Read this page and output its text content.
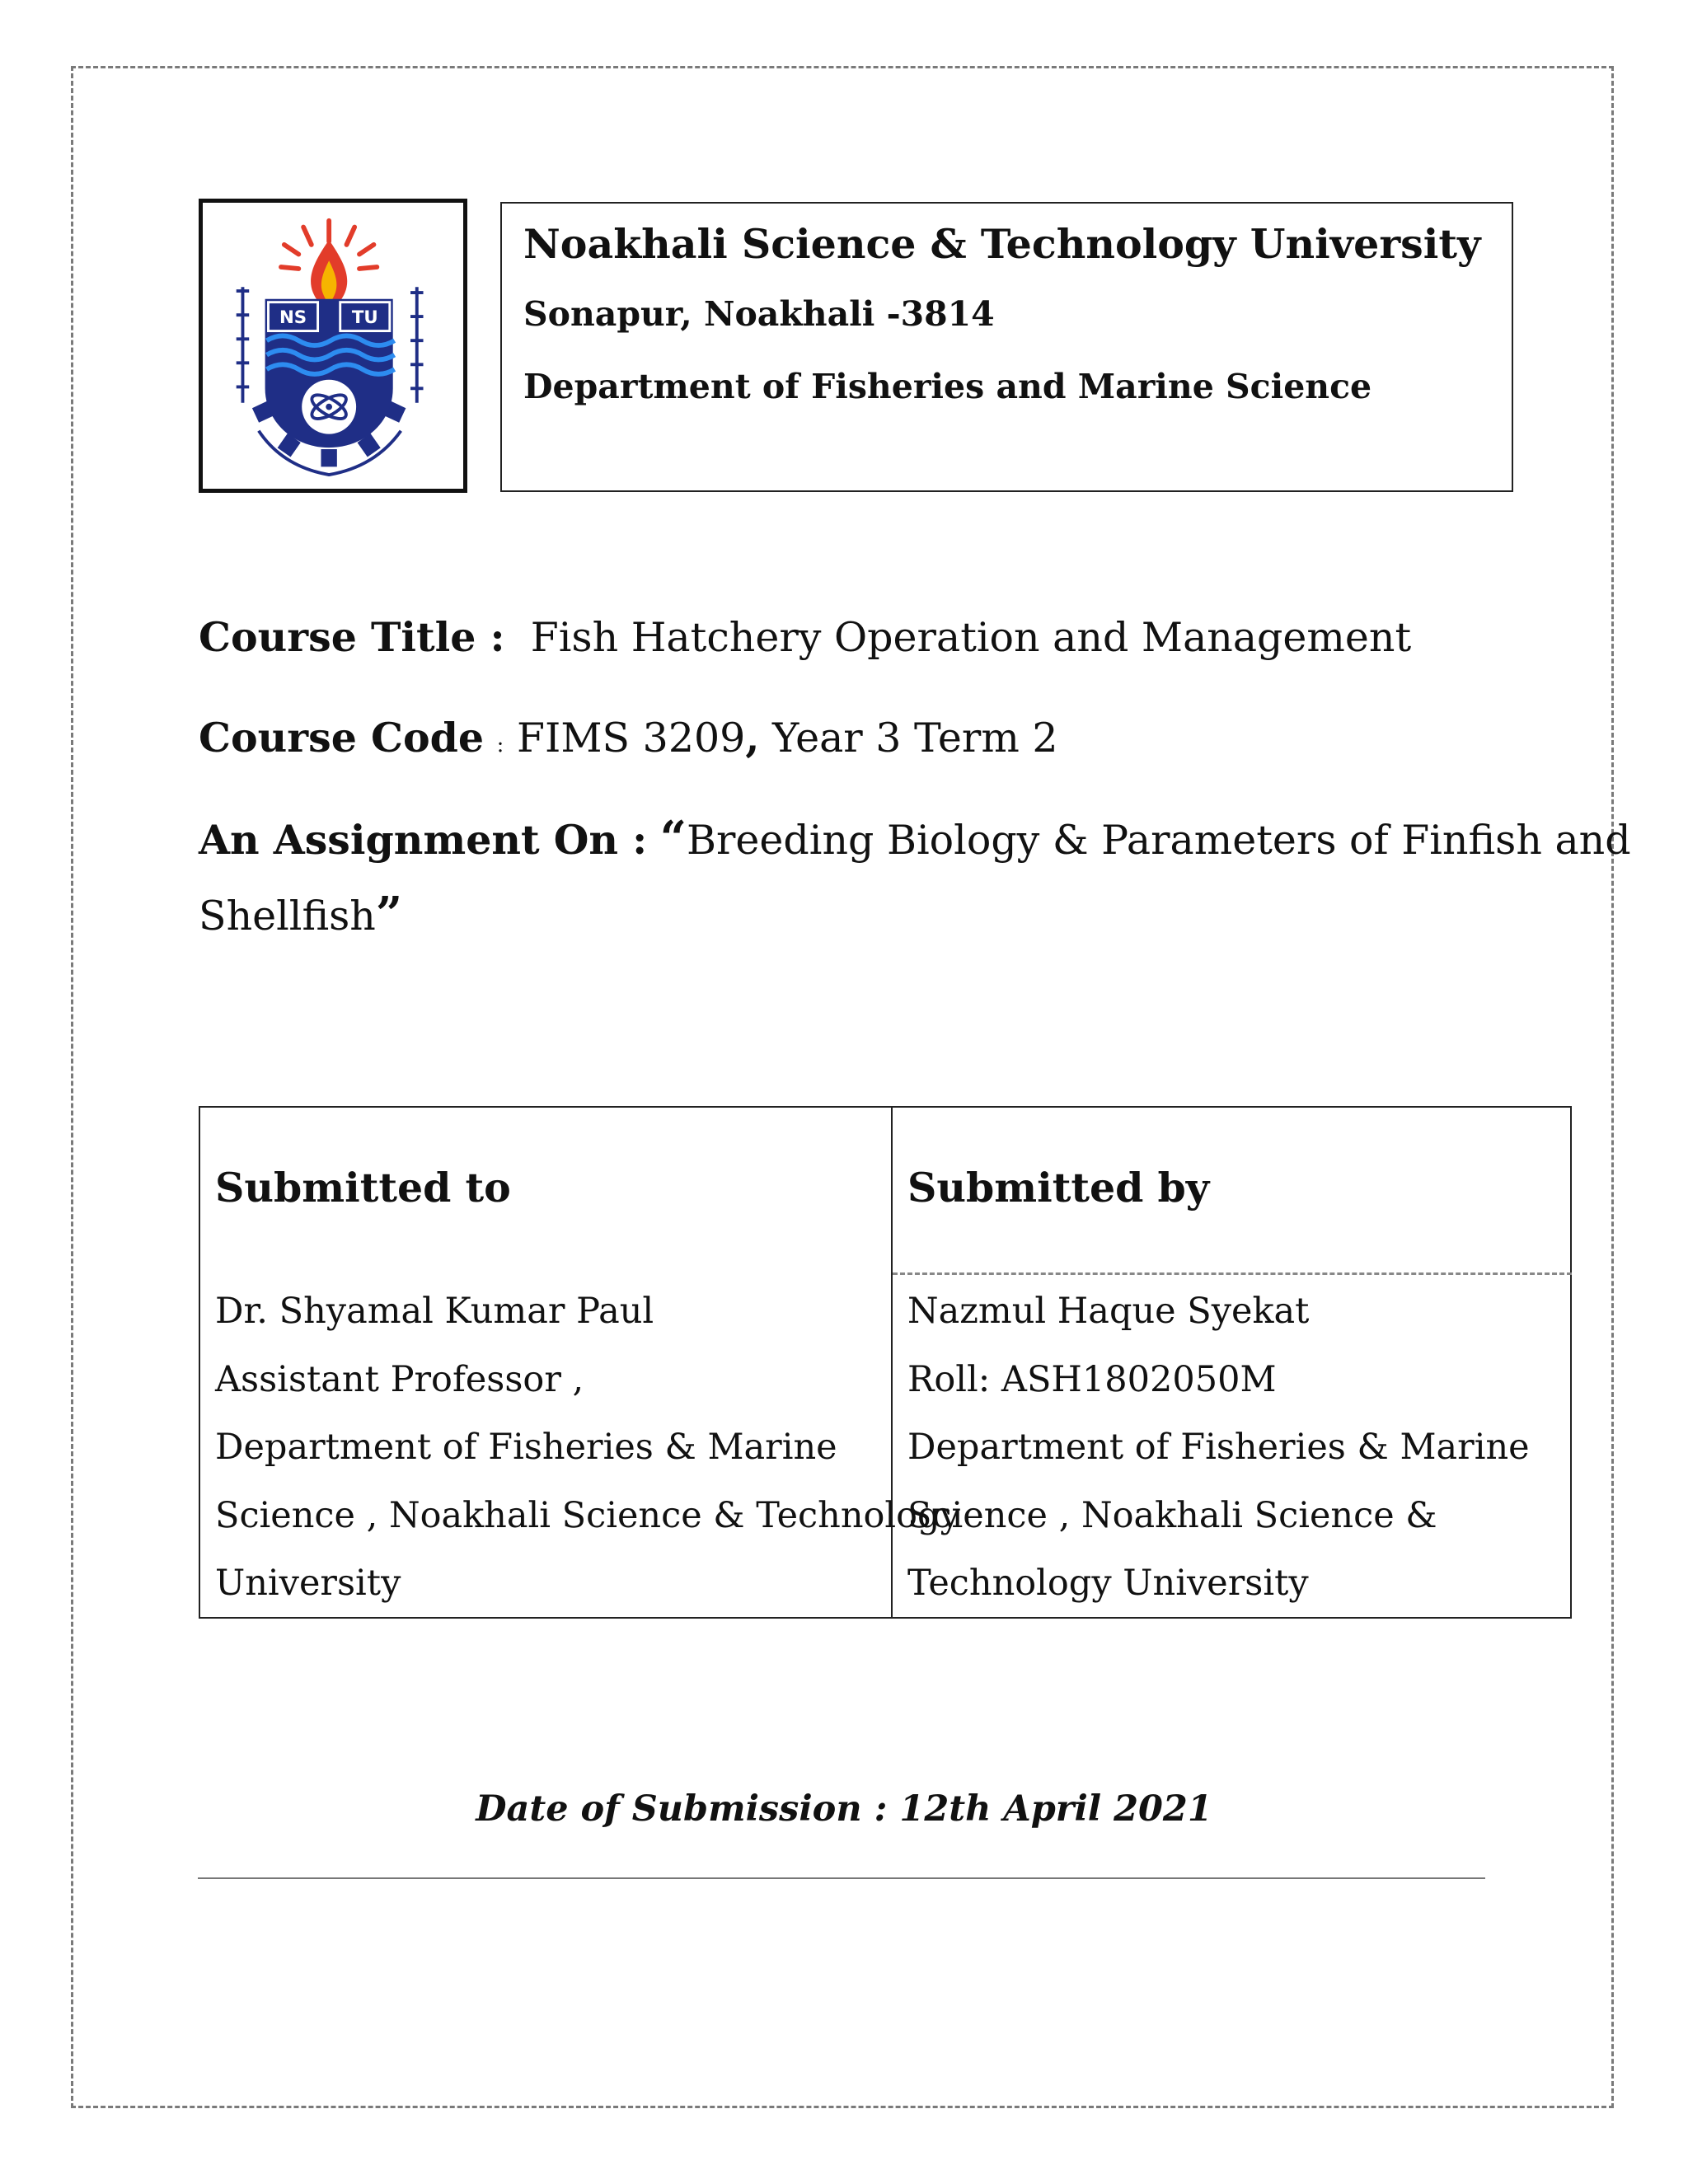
NS TU
Noakhali Science & Technology University
Sonapur, Noakhali -3814
Department of Fisheries and Marine Science
Course Title : Fish Hatchery Operation and Management
Course Code : FIMS 3209, Year 3 Term 2
An Assignment On : “Breeding Biology & Parameters of Finfish and
Shellfish”
Submitted to
Dr. Shyamal Kumar Paul
Assistant Professor ,
Department of Fisheries & Marine
Science , Noakhali Science & Technology
University
Submitted by
Nazmul Haque Syekat
Roll: ASH1802050M
Department of Fisheries & Marine
Science , Noakhali Science &
Technology University
Date of Submission : 12th April 2021
